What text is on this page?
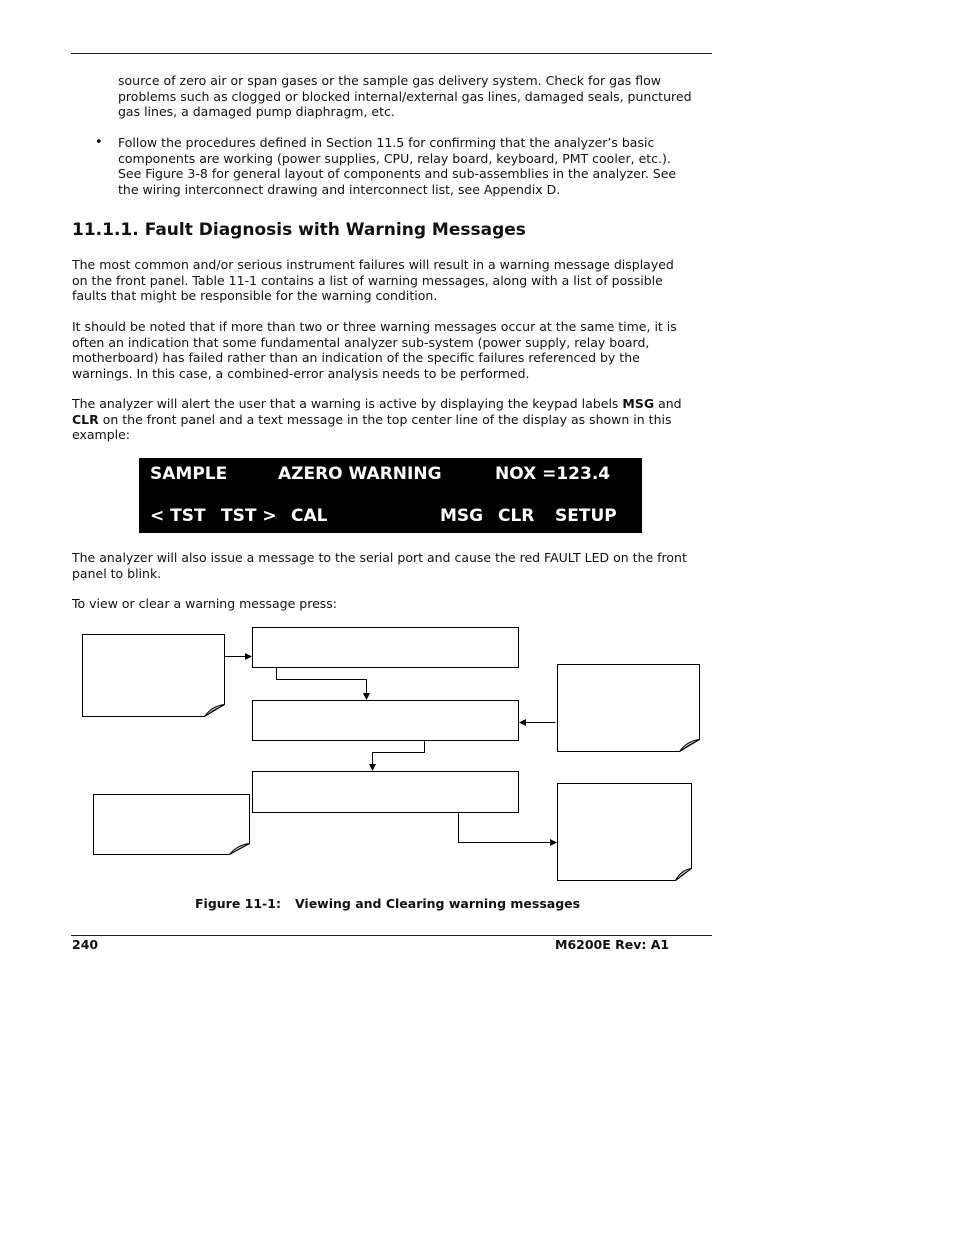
source of zero air or span gases or the sample gas delivery system. Check for gas flow
problems such as clogged or blocked internal/external gas lines, damaged seals, punctured
gas lines, a damaged pump diaphragm, etc.

• Follow the procedures defined in Section 11.5 for confirming that the analyzer’s basic
components are working (power supplies, CPU, relay board, keyboard, PMT cooler, etc.).
See Figure 3-8 for general layout of components and sub-assemblies in the analyzer. See
the wiring interconnect drawing and interconnect list, see Appendix D.

11.1.1. Fault Diagnosis with Warning Messages

The most common and/or serious instrument failures will result in a warning message displayed
on the front panel. Table 11-1 contains a list of warning messages, along with a list of possible
faults that might be responsible for the warning condition.

It should be noted that if more than two or three warning messages occur at the same time, it is
often an indication that some fundamental analyzer sub-system (power supply, relay board,
motherboard) has failed rather than an indication of the specific failures referenced by the
warnings. In this case, a combined-error analysis needs to be performed.

The analyzer will alert the user that a warning is active by displaying the keypad labels MSG and
CLR on the front panel and a text message in the top center line of the display as shown in this
example:

SAMPLE	AZERO WARNING	NOX =123.4
< TST TST > CAL	MSG CLR SETUP

The analyzer will also issue a message to the serial port and cause the red FAULT LED on the front
panel to blink.

To view or clear a warning message press:

Figure 11-1: Viewing and Clearing warning messages
240	M6200E Rev: A1
